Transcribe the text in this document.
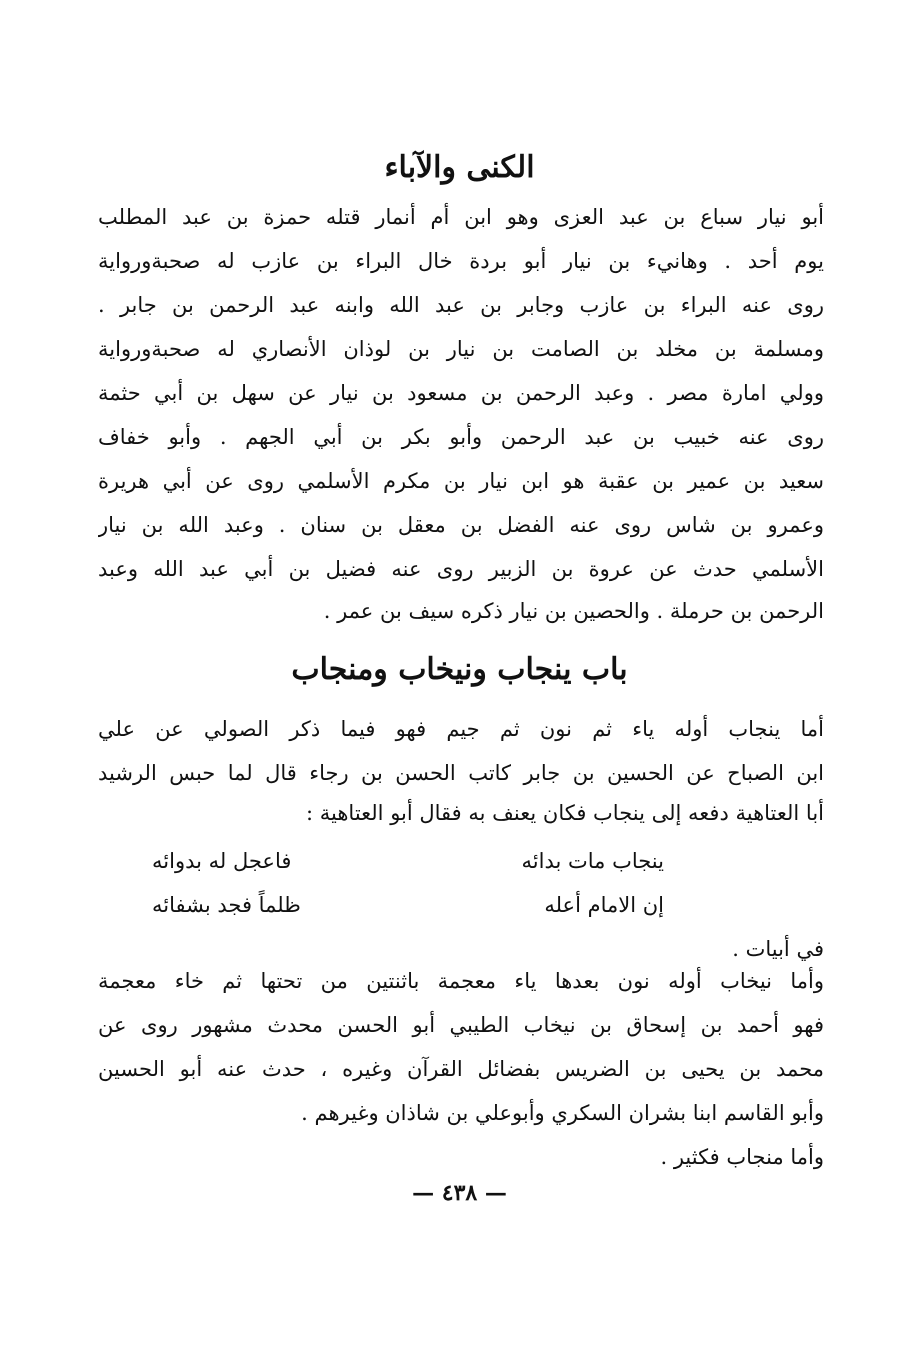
الكنى والآباء
أبو نيار سباع بن عبد العزى وهو ابن أم أنمار قتله حمزة بن عبد المطلب
يوم أحد . وهانيء بن نيار أبو بردة خال البراء بن عازب له صحبةورواية
روى عنه البراء بن عازب وجابر بن عبد الله وابنه عبد الرحمن بن جابر .
ومسلمة بن مخلد بن الصامت بن نيار بن لوذان الأنصاري له صحبةورواية
وولي امارة مصر . وعبد الرحمن بن مسعود بن نيار عن سهل بن أبي حثمة
روى عنه خبيب بن عبد الرحمن وأبو بكر بن أبي الجهم . وأبو خفاف
سعيد بن عمير بن عقبة هو ابن نيار بن مكرم الأسلمي روى عن أبي هريرة
وعمرو بن شاس روى عنه الفضل بن معقل بن سنان . وعبد الله بن نيار
الأسلمي حدث عن عروة بن الزبير روى عنه فضيل بن أبي عبد الله وعبد
الرحمن بن حرملة . والحصين بن نيار ذكره سيف بن عمر .
باب ينجاب ونيخاب ومنجاب
أما ينجاب أوله ياء ثم نون ثم جيم فهو فيما ذكر الصولي عن علي
ابن الصباح عن الحسين بن جابر كاتب الحسن بن رجاء قال لما حبس الرشيد
أبا العتاهية دفعه إلى ينجاب فكان يعنف به فقال أبو العتاهية :
ينجاب مات بدائه
فاعجل له بدوائه
إن الامام أعله
ظلماً فجد بشفائه
في أبيات .
وأما نيخاب أوله نون بعدها ياء معجمة باثنتين من تحتها ثم خاء معجمة
فهو أحمد بن إسحاق بن نيخاب الطيبي أبو الحسن محدث مشهور روى عن
محمد بن يحيى بن الضريس بفضائل القرآن وغيره ، حدث عنه أبو الحسين
وأبو القاسم ابنا بشران السكري وأبوعلي بن شاذان وغيرهم .
وأما منجاب فكثير .
— ٤٣٨ —
